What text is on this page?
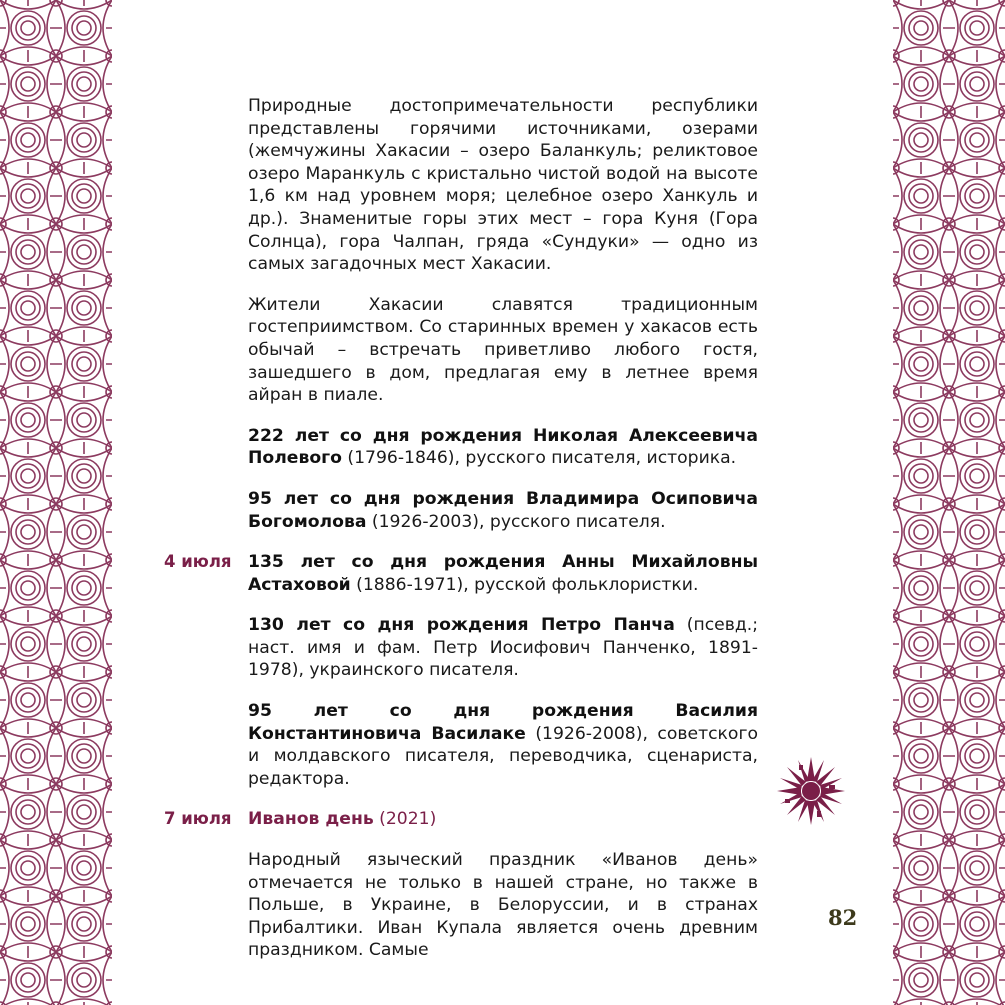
Природные достопримечательности республики представлены горячими источниками, озерами (жемчужины Хакасии – озеро Баланкуль; реликтовое озеро Маранкуль с кристально чистой водой на высоте 1,6 км над уровнем моря; целебное озеро Ханкуль и др.). Знаменитые горы этих мест – гора Куня (Гора Солнца), гора Чалпан, гряда «Сундуки» — одно из самых загадочных мест Хакасии.

Жители Хакасии славятся традиционным гостеприимством. Со старинных времен у хакасов есть обычай – встречать приветливо любого гостя, зашедшего в дом, предлагая ему в летнее время айран в пиале.

222 лет со дня рождения Николая Алексеевича Полевого (1796-1846), русского писателя, историка.

95 лет со дня рождения Владимира Осиповича Богомолова (1926-2003), русского писателя.

4 июля 135 лет со дня рождения Анны Михайловны Астаховой (1886-1971), русской фольклористки.

130 лет со дня рождения Петро Панча (псевд.; наст. имя и фам. Петр Иосифович Панченко, 1891-1978), украинского писателя.

95 лет со дня рождения Василия Константиновича Василаке (1926-2008), советского и молдавского писателя, переводчика, сценариста, редактора.

7 июля Иванов день (2021)

Народный языческий праздник «Иванов день» отмечается не только в нашей стране, но также в Польше, в Украине, в Белоруссии, и в странах Прибалтики. Иван Купала является очень древним праздником. Самые

82
